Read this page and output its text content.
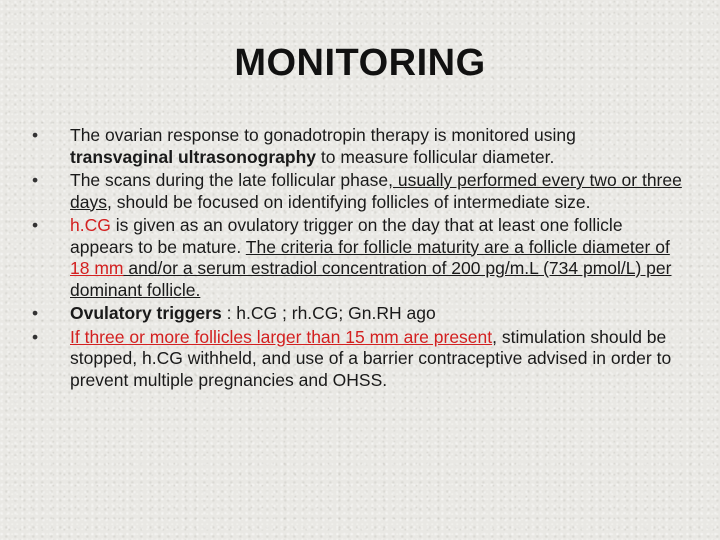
MONITORING
• The ovarian response to gonadotropin therapy is monitored using transvaginal ultrasonography to measure follicular diameter.
• The scans during the late follicular phase, usually performed every two or three days, should be focused on identifying follicles of intermediate size.
• h.CG is given as an ovulatory trigger on the day that at least one follicle appears to be mature. The criteria for follicle maturity are a follicle diameter of 18 mm and/or a serum estradiol concentration of 200 pg/m.L (734 pmol/L) per dominant follicle.
• Ovulatory triggers : h.CG ; rh.CG; Gn.RH ago
• If three or more follicles larger than 15 mm are present, stimulation should be stopped, h.CG withheld, and use of a barrier contraceptive advised in order to prevent multiple pregnancies and OHSS.
